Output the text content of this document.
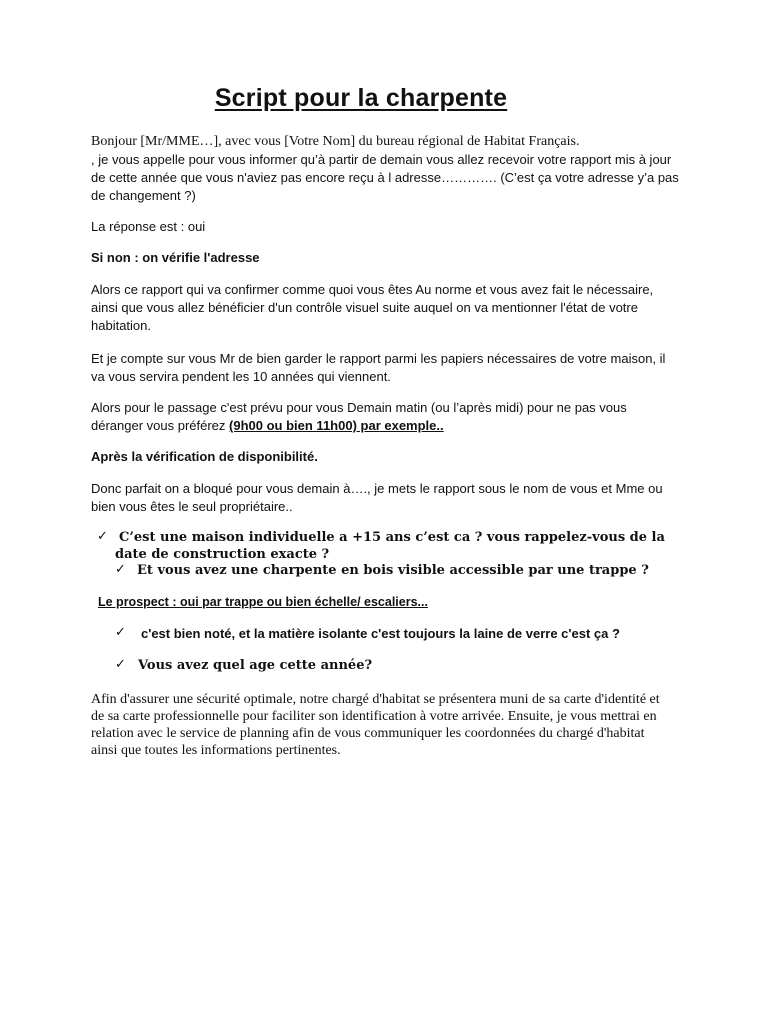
Script pour la charpente

Bonjour [Mr/MME…], avec vous [Votre Nom] du bureau régional de Habitat Français.

, je vous appelle pour vous informer qu’à partir de demain vous allez recevoir votre rapport mis à jour de cette année que vous n'aviez pas encore reçu à l adresse…………. (C’est ça votre adresse y’a pas de changement ?)

La réponse est : oui

Si non : on vérifie l'adresse

Alors ce rapport qui va confirmer comme quoi vous êtes Au norme et vous avez fait le nécessaire, ainsi que vous allez bénéficier d'un contrôle visuel suite auquel on va mentionner l'état de votre habitation.

Et je compte sur vous Mr de bien garder le rapport parmi les papiers nécessaires de votre maison, il va vous servira pendent les 10 années qui viennent.

Alors pour le passage c'est prévu pour vous Demain matin (ou l’après midi) pour ne pas vous déranger vous préférez (9h00 ou bien 11h00) par exemple..

Après la vérification de disponibilité.

Donc parfait on a bloqué pour vous demain à…., je mets le rapport sous le nom de vous et Mme ou bien vous êtes le seul propriétaire..

✓ C’est une maison individuelle a +15 ans c’est ca ? vous rappelez-vous de la date de construction exacte ?

✓ Et vous avez une charpente en bois visible accessible par une trappe ?

Le prospect : oui par trappe ou bien échelle/ escaliers...

✓ c'est bien noté, et la matière isolante c'est toujours la laine de verre c'est ça ?

✓ Vous avez quel age cette année?

Afin d'assurer une sécurité optimale, notre chargé d'habitat se présentera muni de sa carte d'identité et de sa carte professionnelle pour faciliter son identification à votre arrivée. Ensuite, je vous mettrai en relation avec le service de planning afin de vous communiquer les coordonnées du chargé d'habitat ainsi que toutes les informations pertinentes.
